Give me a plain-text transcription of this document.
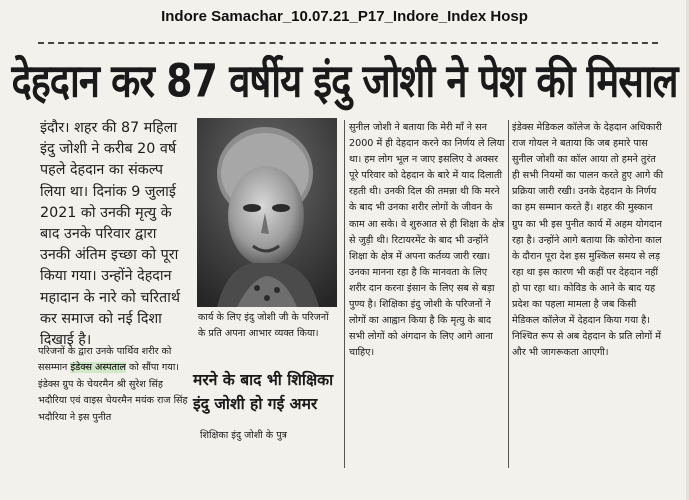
Indore Samachar_10.07.21_P17_Indore_Index Hosp
देहदान कर 87 वर्षीय इंदु जोशी ने पेश की मिसाल
इंदौर। शहर की 87 महिला इंदु जोशी ने करीब 20 वर्ष पहले देहदान का संकल्प लिया था। दिनांक 9 जुलाई 2021 को उनकी मृत्यु के बाद उनके परिवार द्वारा उनकी अंतिम इच्छा को पूरा किया गया। उन्होंने देहदान महादान के नारे को चरितार्थ कर समाज को नई दिशा दिखाई है।
परिजनों के द्वारा उनके पार्थिव शरीर को ससम्मान इंडेक्स अस्पताल को सौंपा गया। इंडेक्स ग्रुप के चेयरमैन श्री सुरेश सिंह भदौरिया एवं वाइस चेयरमैन मयंक राज सिंह भदौरिया ने इस पुनीत
कार्य के लिए इंदु जोशी जी के परिजनों के प्रति अपना आभार व्यक्त किया।
मरने के बाद भी शिक्षिका इंदु जोशी हो गई अमर
शिक्षिका इंदु जोशी के पुत्र
सुनील जोशी ने बताया कि मेरी माँ ने सन 2000 में ही देहदान करने का निर्णय ले लिया था। हम लोग भूल न जाए इसलिए वे अक्सर पूरे परिवार को देहदान के बारे में याद दिलाती रहती थी। उनकी दिल की तमन्ना थी कि मरने के बाद भी उनका शरीर लोगों के जीवन के काम आ सके। वे शुरुआत से ही शिक्षा के क्षेत्र से जुड़ी थी। रिटायरमेंट के बाद भी उन्होंने शिक्षा के क्षेत्र में अपना कर्तव्य जारी रखा। उनका मानना रहा है कि मानवता के लिए शरीर दान करना इंसान के लिए सब से बड़ा पुण्य है। शिक्षिका इंदु जोशी के परिजनों ने लोगों का आह्वान किया है कि मृत्यु के बाद सभी लोगों को अंगदान के लिए आगे आना चाहिए।
इंडेक्स मेडिकल कॉलेज के देहदान अधिकारी राज गोयल ने बताया कि जब हमारे पास सुनील जोशी का कॉल आया तो हमने तुरंत ही सभी नियमों का पालन करते हुए आगे की प्रक्रिया जारी रखी। उनके देहदान के निर्णय का हम सम्मान करते हैं। शहर की मुस्कान ग्रुप का भी इस पुनीत कार्य में अहम योगदान रहा है। उन्होंने आगे बताया कि कोरोना काल के दौरान पूरा देश इस मुश्किल समय से लड़ रहा था इस कारण भी कहीं पर देहदान नहीं हो पा रहा था। कोविड के आने के बाद यह प्रदेश का पहला मामला है जब किसी मेडिकल कॉलेज में देहदान किया गया है। निश्चित रूप से अब देहदान के प्रति लोगों में और भी जागरूकता आएगी।
